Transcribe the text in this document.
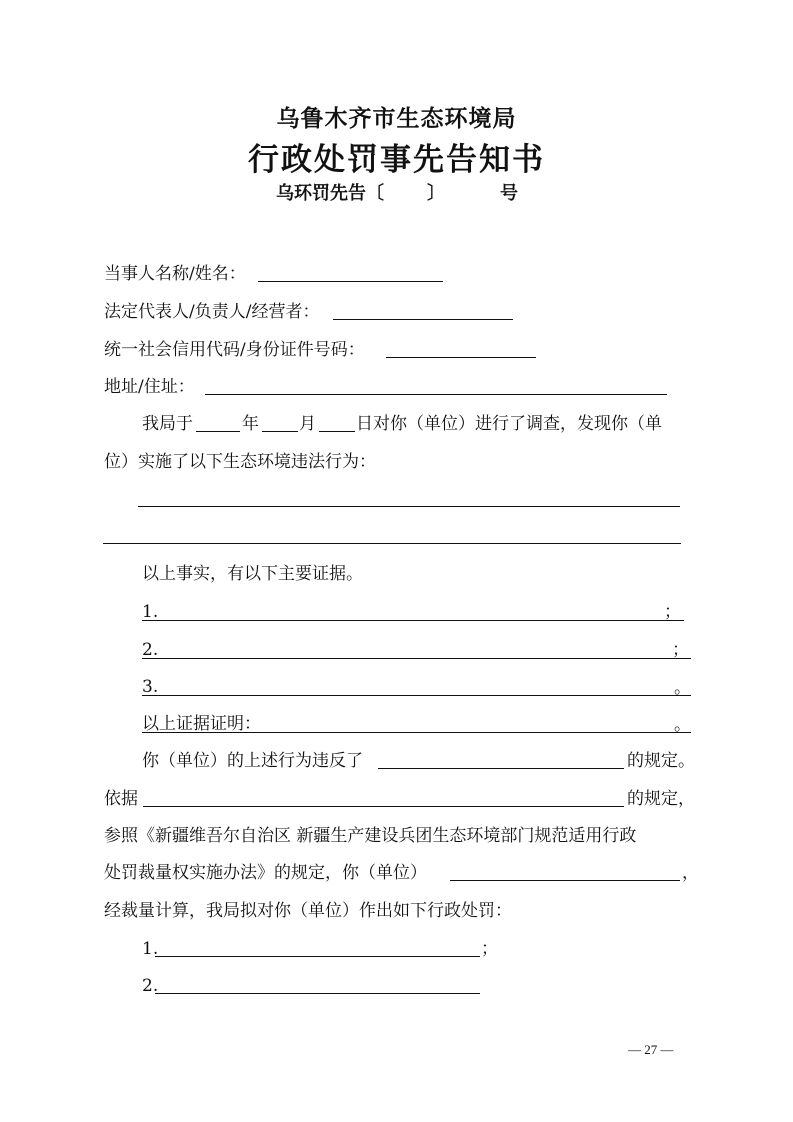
乌鲁木齐市生态环境局
行政处罚事先告知书
乌环罚先告〔 〕	号
当事人名称/姓名：
法定代表人/负责人/经营者：
统一社会信用代码/身份证件号码：
地址/住址：
我局于	年 月 日对你（单位）进行了调查，发现你（单
位）实施了以下生态环境违法行为：
以上事实，有以下主要证据。
1.	；
2.	；
3.	。
以上证据证明：	。
你（单位）的上述行为违反了	的规定。
依据	的规定，
参照《新疆维吾尔自治区 新疆生产建设兵团生态环境部门规范适用行政
处罚裁量权实施办法》的规定，你（单位）	，
经裁量计算，我局拟对你（单位）作出如下行政处罚：
1.	；
2.
— 27 —
